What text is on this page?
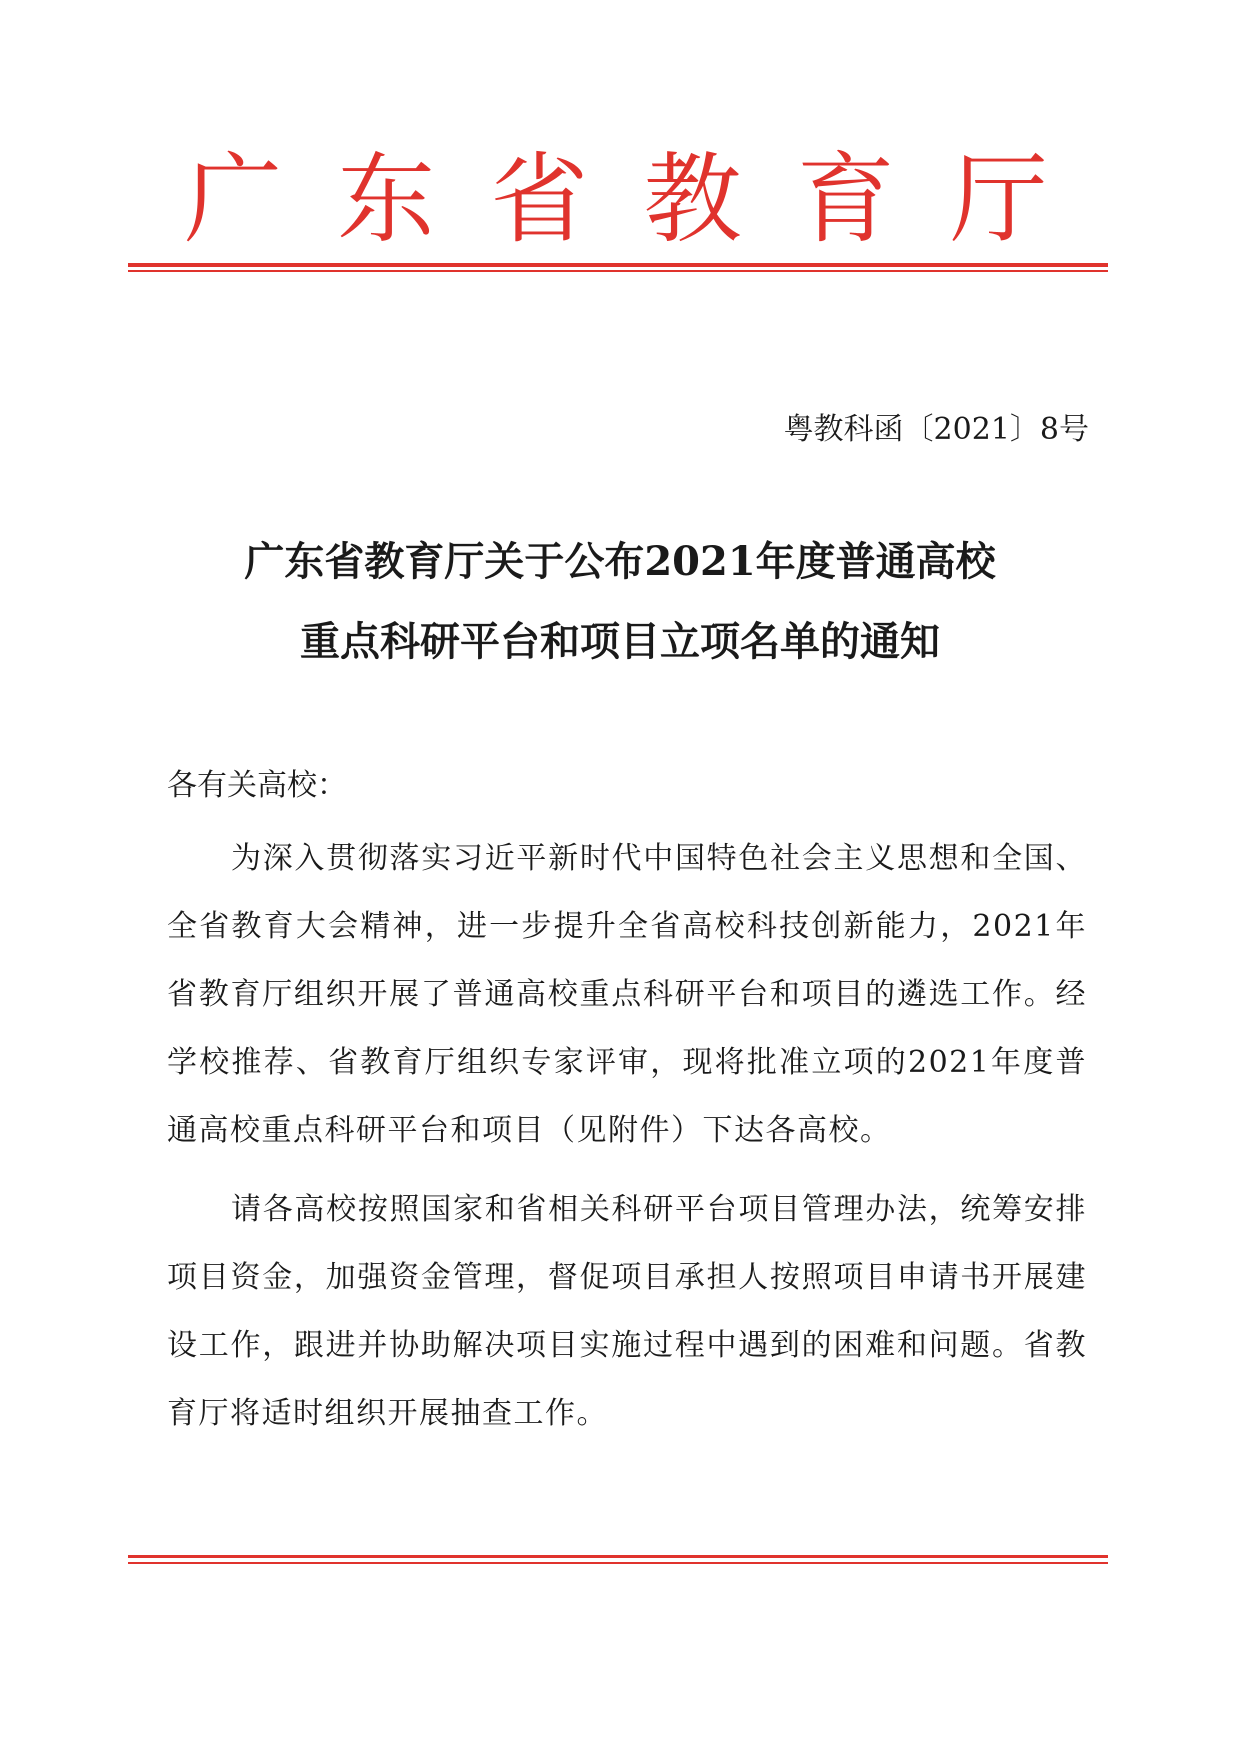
广 东 省 教 育 厅
粤教科函〔2021〕8号
广东省教育厅关于公布2021年度普通高校
重点科研平台和项目立项名单的通知
各有关高校：
为深入贯彻落实习近平新时代中国特色社会主义思想和全国、全省教育大会精神，进一步提升全省高校科技创新能力，2021年省教育厅组织开展了普通高校重点科研平台和项目的遴选工作。经学校推荐、省教育厅组织专家评审，现将批准立项的2021年度普通高校重点科研平台和项目（见附件）下达各高校。
请各高校按照国家和省相关科研平台项目管理办法，统筹安排项目资金，加强资金管理，督促项目承担人按照项目申请书开展建设工作，跟进并协助解决项目实施过程中遇到的困难和问题。省教育厅将适时组织开展抽查工作。
